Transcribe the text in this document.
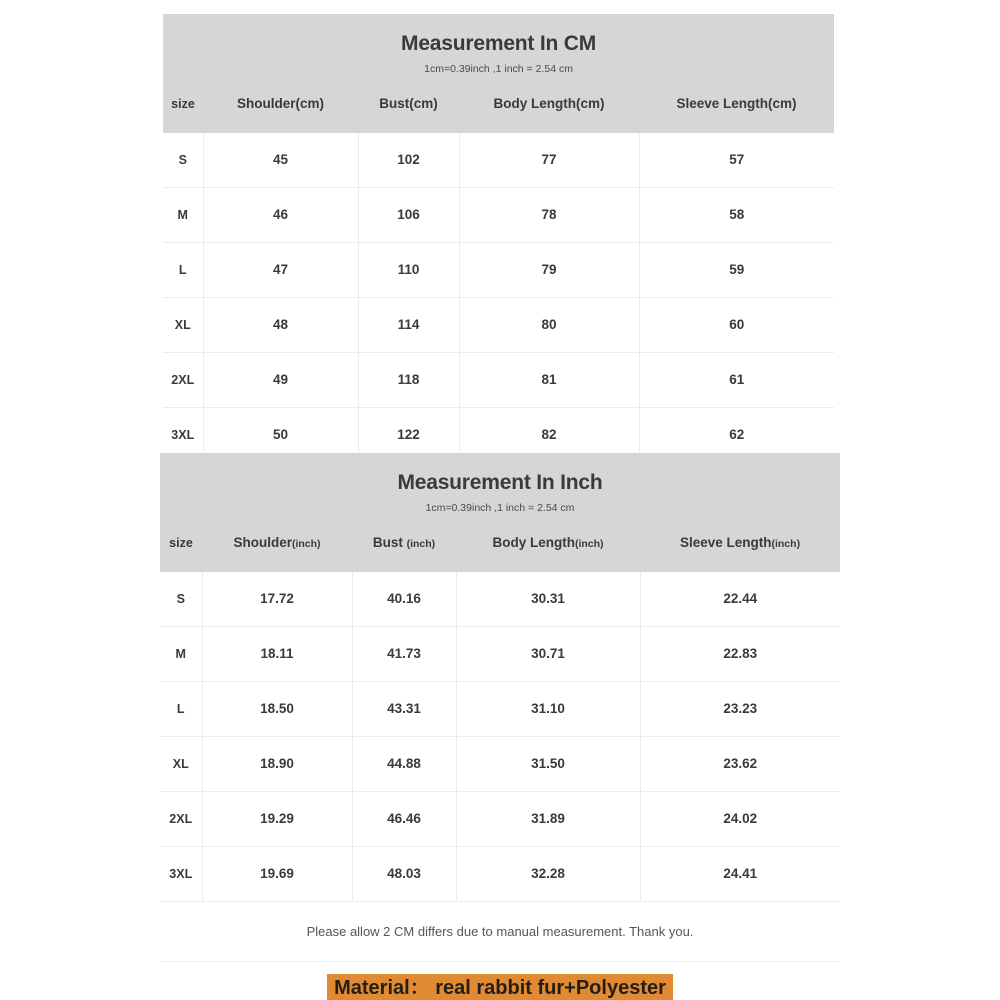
Measurement In CM				
1cm=0.39inch ,1 inch = 2.54 cm				
size	Shoulder(cm)	Bust(cm)	Body Length(cm)	Sleeve Length(cm)
S	45	102	77	57
M	46	106	78	58
L	47	110	79	59
XL	48	114	80	60
2XL	49	118	81	61
3XL	50	122	82	62
Measurement In Inch				
1cm=0.39inch ,1 inch = 2.54 cm				
size	Shoulder(inch)	Bust (inch)	Body Length(inch)	Sleeve Length(inch)
S	17.72	40.16	30.31	22.44
M	18.11	41.73	30.71	22.83
L	18.50	43.31	31.10	23.23
XL	18.90	44.88	31.50	23.62
2XL	19.29	46.46	31.89	24.02
3XL	19.69	48.03	32.28	24.41
Please allow 2 CM differs due to manual measurement. Thank you.				
Material： real rabbit fur+Polyester				
